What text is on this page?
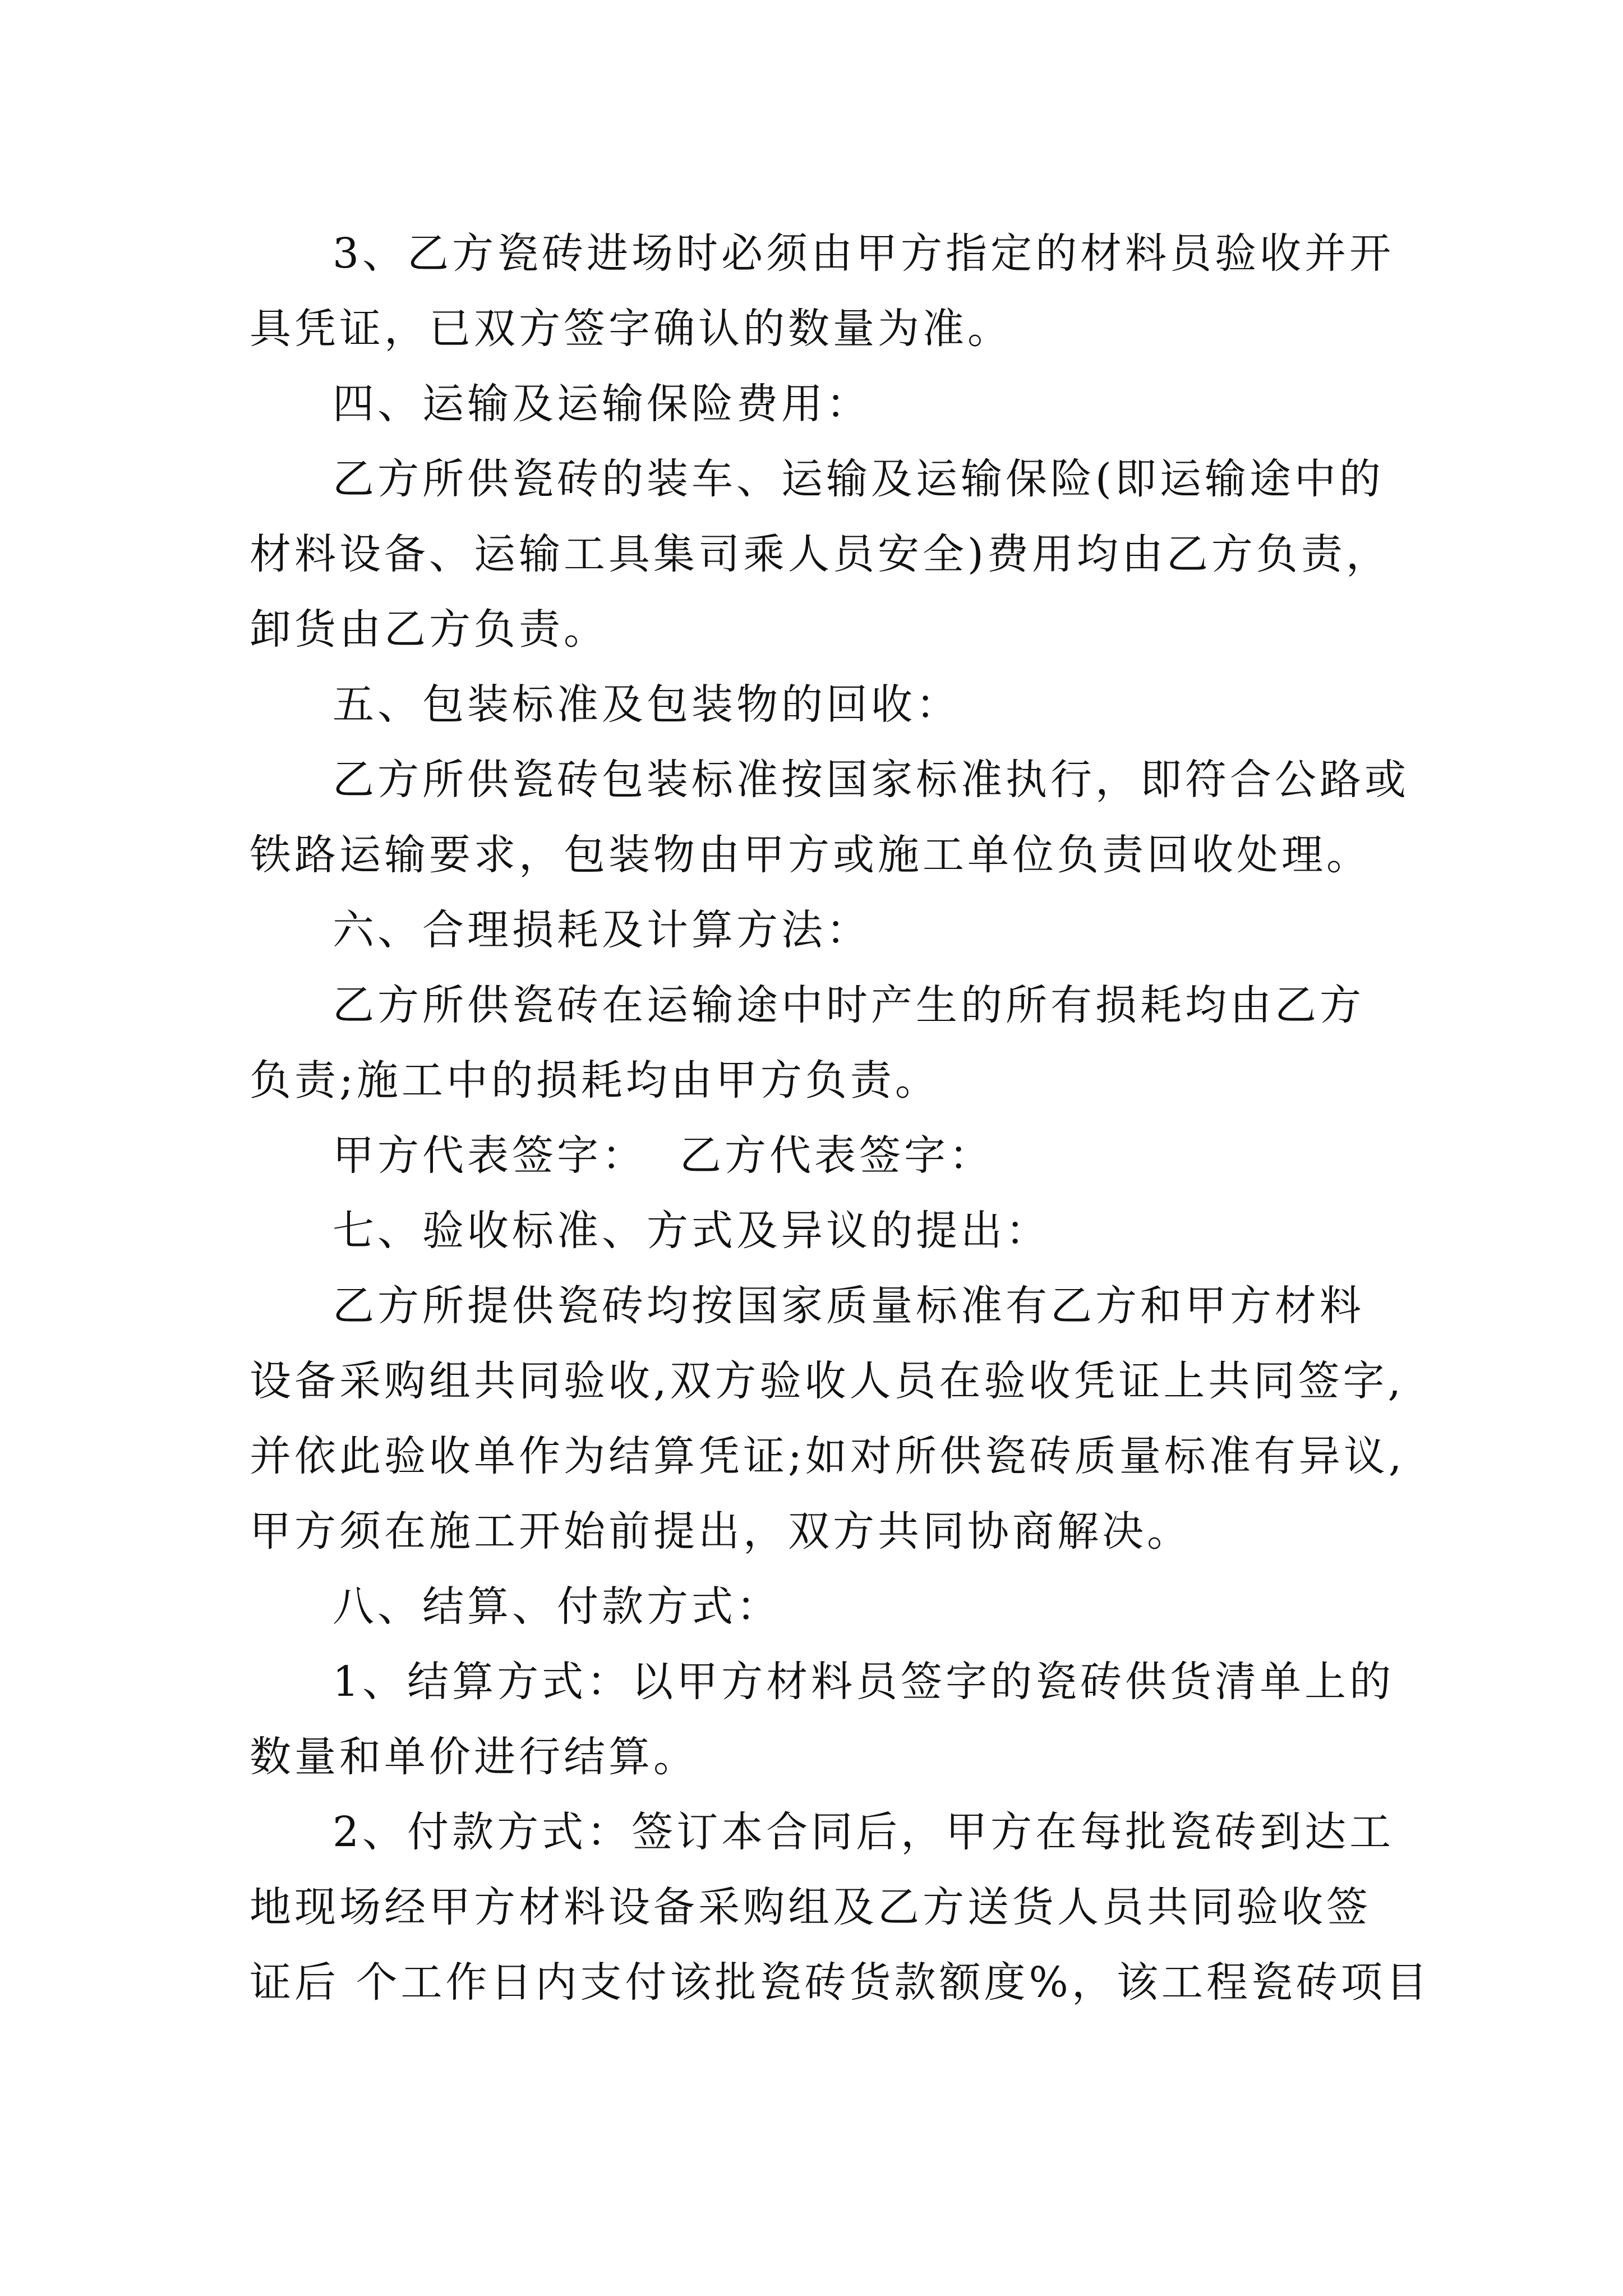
3、乙方瓷砖进场时必须由甲方指定的材料员验收并开
具凭证，已双方签字确认的数量为准。
四、运输及运输保险费用：
乙方所供瓷砖的装车、运输及运输保险(即运输途中的
材料设备、运输工具集司乘人员安全)费用均由乙方负责，
卸货由乙方负责。
五、包装标准及包装物的回收：
乙方所供瓷砖包装标准按国家标准执行，即符合公路或
铁路运输要求，包装物由甲方或施工单位负责回收处理。
六、合理损耗及计算方法：
乙方所供瓷砖在运输途中时产生的所有损耗均由乙方
负责;施工中的损耗均由甲方负责。
甲方代表签字：  乙方代表签字：
七、验收标准、方式及异议的提出：
乙方所提供瓷砖均按国家质量标准有乙方和甲方材料
设备采购组共同验收,双方验收人员在验收凭证上共同签字,
并依此验收单作为结算凭证;如对所供瓷砖质量标准有异议,
甲方须在施工开始前提出，双方共同协商解决。
八、结算、付款方式：
1、结算方式：以甲方材料员签字的瓷砖供货清单上的
数量和单价进行结算。
2、付款方式：签订本合同后，甲方在每批瓷砖到达工
地现场经甲方材料设备采购组及乙方送货人员共同验收签
证后 个工作日内支付该批瓷砖货款额度%，该工程瓷砖项目
